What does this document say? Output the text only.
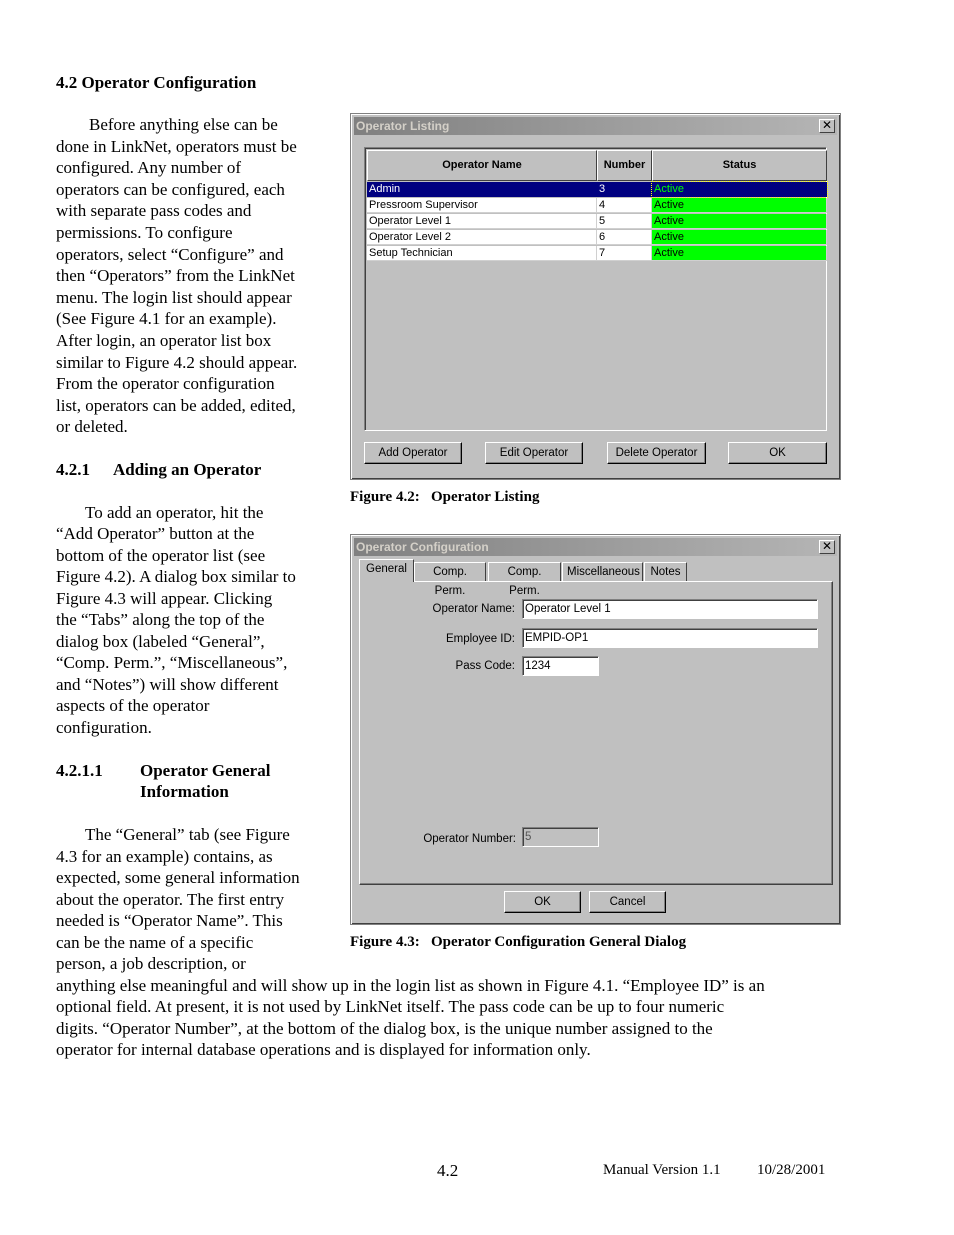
4.2 Operator Configuration

Before anything else can be

done in LinkNet, operators must be

configured. Any number of

operators can be configured, each

with separate pass codes and

permissions. To configure

operators, select “Configure” and

then “Operators” from the LinkNet

menu. The login list should appear

(See Figure 4.1 for an example).

After login, an operator list box

similar to Figure 4.2 should appear.

From the operator configuration

list, operators can be added, edited,

or deleted.

4.2.1 Adding an Operator

To add an operator, hit the

“Add Operator” button at the

bottom of the operator list (see

Figure 4.2). A dialog box similar to

Figure 4.3 will appear. Clicking

the “Tabs” along the top of the

dialog box (labeled “General”,

“Comp. Perm.”, “Miscellaneous”,

and “Notes”) will show different

aspects of the operator

configuration.

4.2.1.1 Operator General
Information

The “General” tab (see Figure

4.3 for an example) contains, as

expected, some general information

about the operator. The first entry

needed is “Operator Name”. This

can be the name of a specific

person, a job description, or

anything else meaningful and will show up in the login list as shown in Figure 4.1. “Employee ID” is an

optional field. At present, it is not used by LinkNet itself. The pass code can be up to four numeric

digits. “Operator Number”, at the bottom of the dialog box, is the unique number assigned to the

operator for internal database operations and is displayed for information only.

Operator Listing	✕
Operator Name	Number	Status
Admin	3	Active
Pressroom Supervisor	4	Active
Operator Level 1	5	Active
Operator Level 2	6	Active
Setup Technician	7	Active
Add Operator	Edit Operator	Delete Operator	OK
Figure 4.2: Operator Listing
Operator Configuration	✕
General	Comp. Perm.
Comp. Perm.
Miscellaneous Notes
Operator Name: Operator Level 1
Employee ID: EMPID-OP1
Pass Code: 1234
Operator Number: 5
OK	Cancel
Figure 4.3: Operator Configuration General Dialog
4.2	Manual Version 1.1 10/28/2001
